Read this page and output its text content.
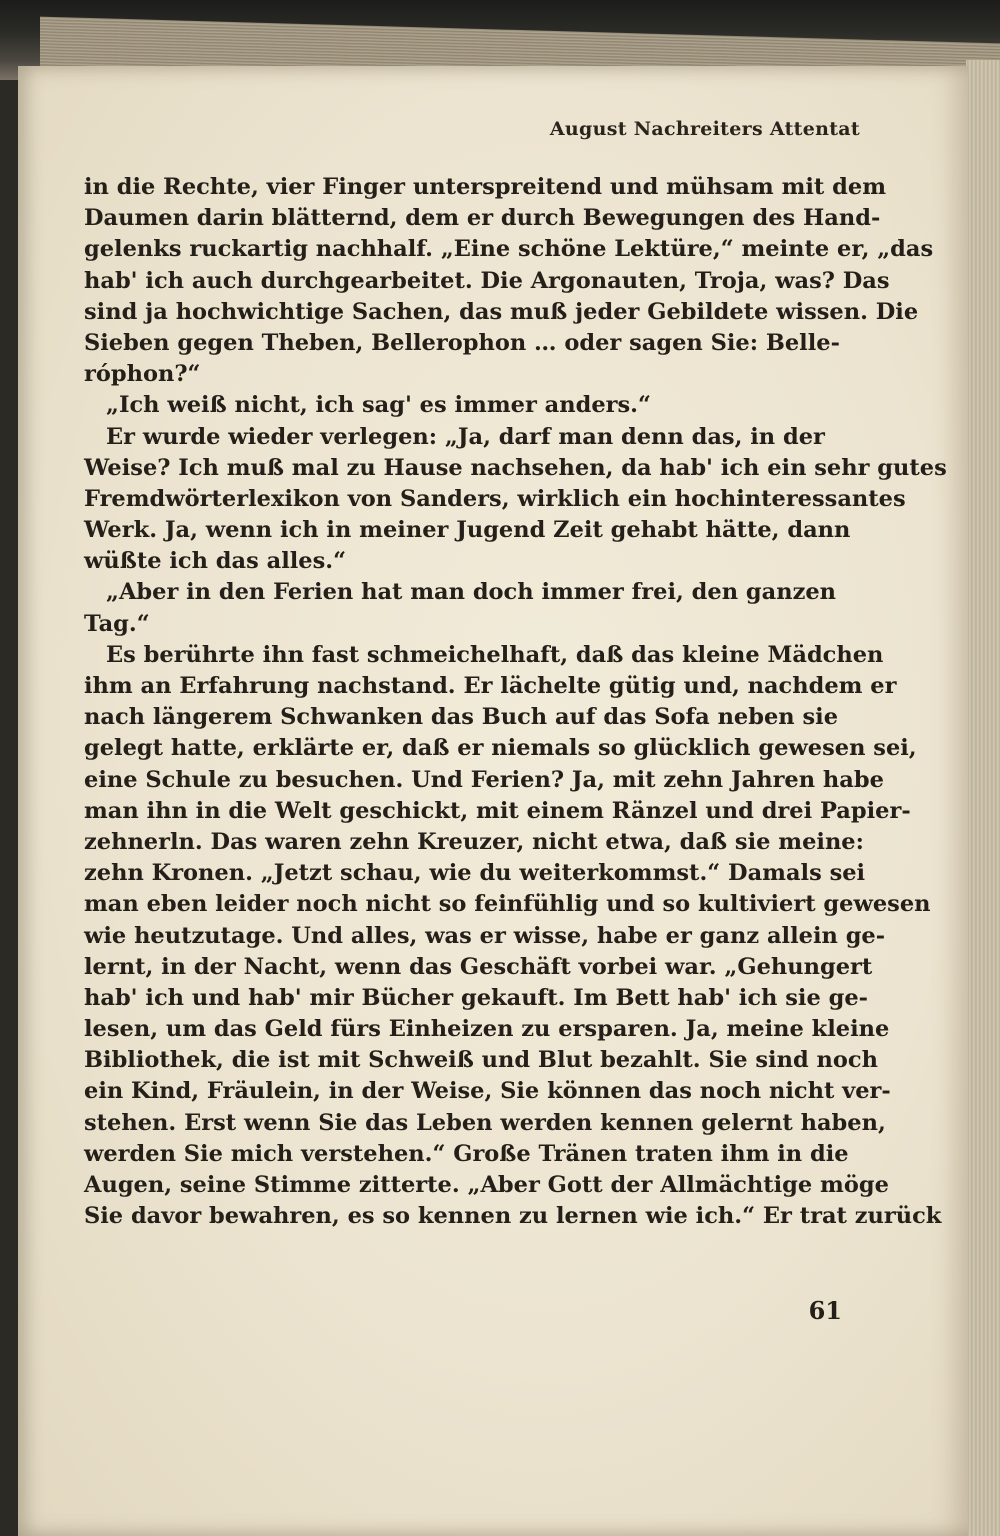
August Nachreiters Attentat
in die Rechte, vier Finger unterspreitend und mühsam mit dem
Daumen darin blätternd, dem er durch Bewegungen des Hand-
gelenks ruckartig nachhalf. „Eine schöne Lektüre,“ meinte er, „das
hab' ich auch durchgearbeitet. Die Argonauten, Troja, was? Das
sind ja hochwichtige Sachen, das muß jeder Gebildete wissen. Die
Sieben gegen Theben, Bellerophon … oder sagen Sie: Belle-
róphon?“
„Ich weiß nicht, ich sag' es immer anders.“
Er wurde wieder verlegen: „Ja, darf man denn das, in der
Weise? Ich muß mal zu Hause nachsehen, da hab' ich ein sehr gutes
Fremdwörterlexikon von Sanders, wirklich ein hochinteressantes
Werk. Ja, wenn ich in meiner Jugend Zeit gehabt hätte, dann
wüßte ich das alles.“
„Aber in den Ferien hat man doch immer frei, den ganzen
Tag.“
Es berührte ihn fast schmeichelhaft, daß das kleine Mädchen
ihm an Erfahrung nachstand. Er lächelte gütig und, nachdem er
nach längerem Schwanken das Buch auf das Sofa neben sie
gelegt hatte, erklärte er, daß er niemals so glücklich gewesen sei,
eine Schule zu besuchen. Und Ferien? Ja, mit zehn Jahren habe
man ihn in die Welt geschickt, mit einem Ränzel und drei Papier-
zehnerln. Das waren zehn Kreuzer, nicht etwa, daß sie meine:
zehn Kronen. „Jetzt schau, wie du weiterkommst.“ Damals sei
man eben leider noch nicht so feinfühlig und so kultiviert gewesen
wie heutzutage. Und alles, was er wisse, habe er ganz allein ge-
lernt, in der Nacht, wenn das Geschäft vorbei war. „Gehungert
hab' ich und hab' mir Bücher gekauft. Im Bett hab' ich sie ge-
lesen, um das Geld fürs Einheizen zu ersparen. Ja, meine kleine
Bibliothek, die ist mit Schweiß und Blut bezahlt. Sie sind noch
ein Kind, Fräulein, in der Weise, Sie können das noch nicht ver-
stehen. Erst wenn Sie das Leben werden kennen gelernt haben,
werden Sie mich verstehen.“ Große Tränen traten ihm in die
Augen, seine Stimme zitterte. „Aber Gott der Allmächtige möge
Sie davor bewahren, es so kennen zu lernen wie ich.“ Er trat zurück
61
